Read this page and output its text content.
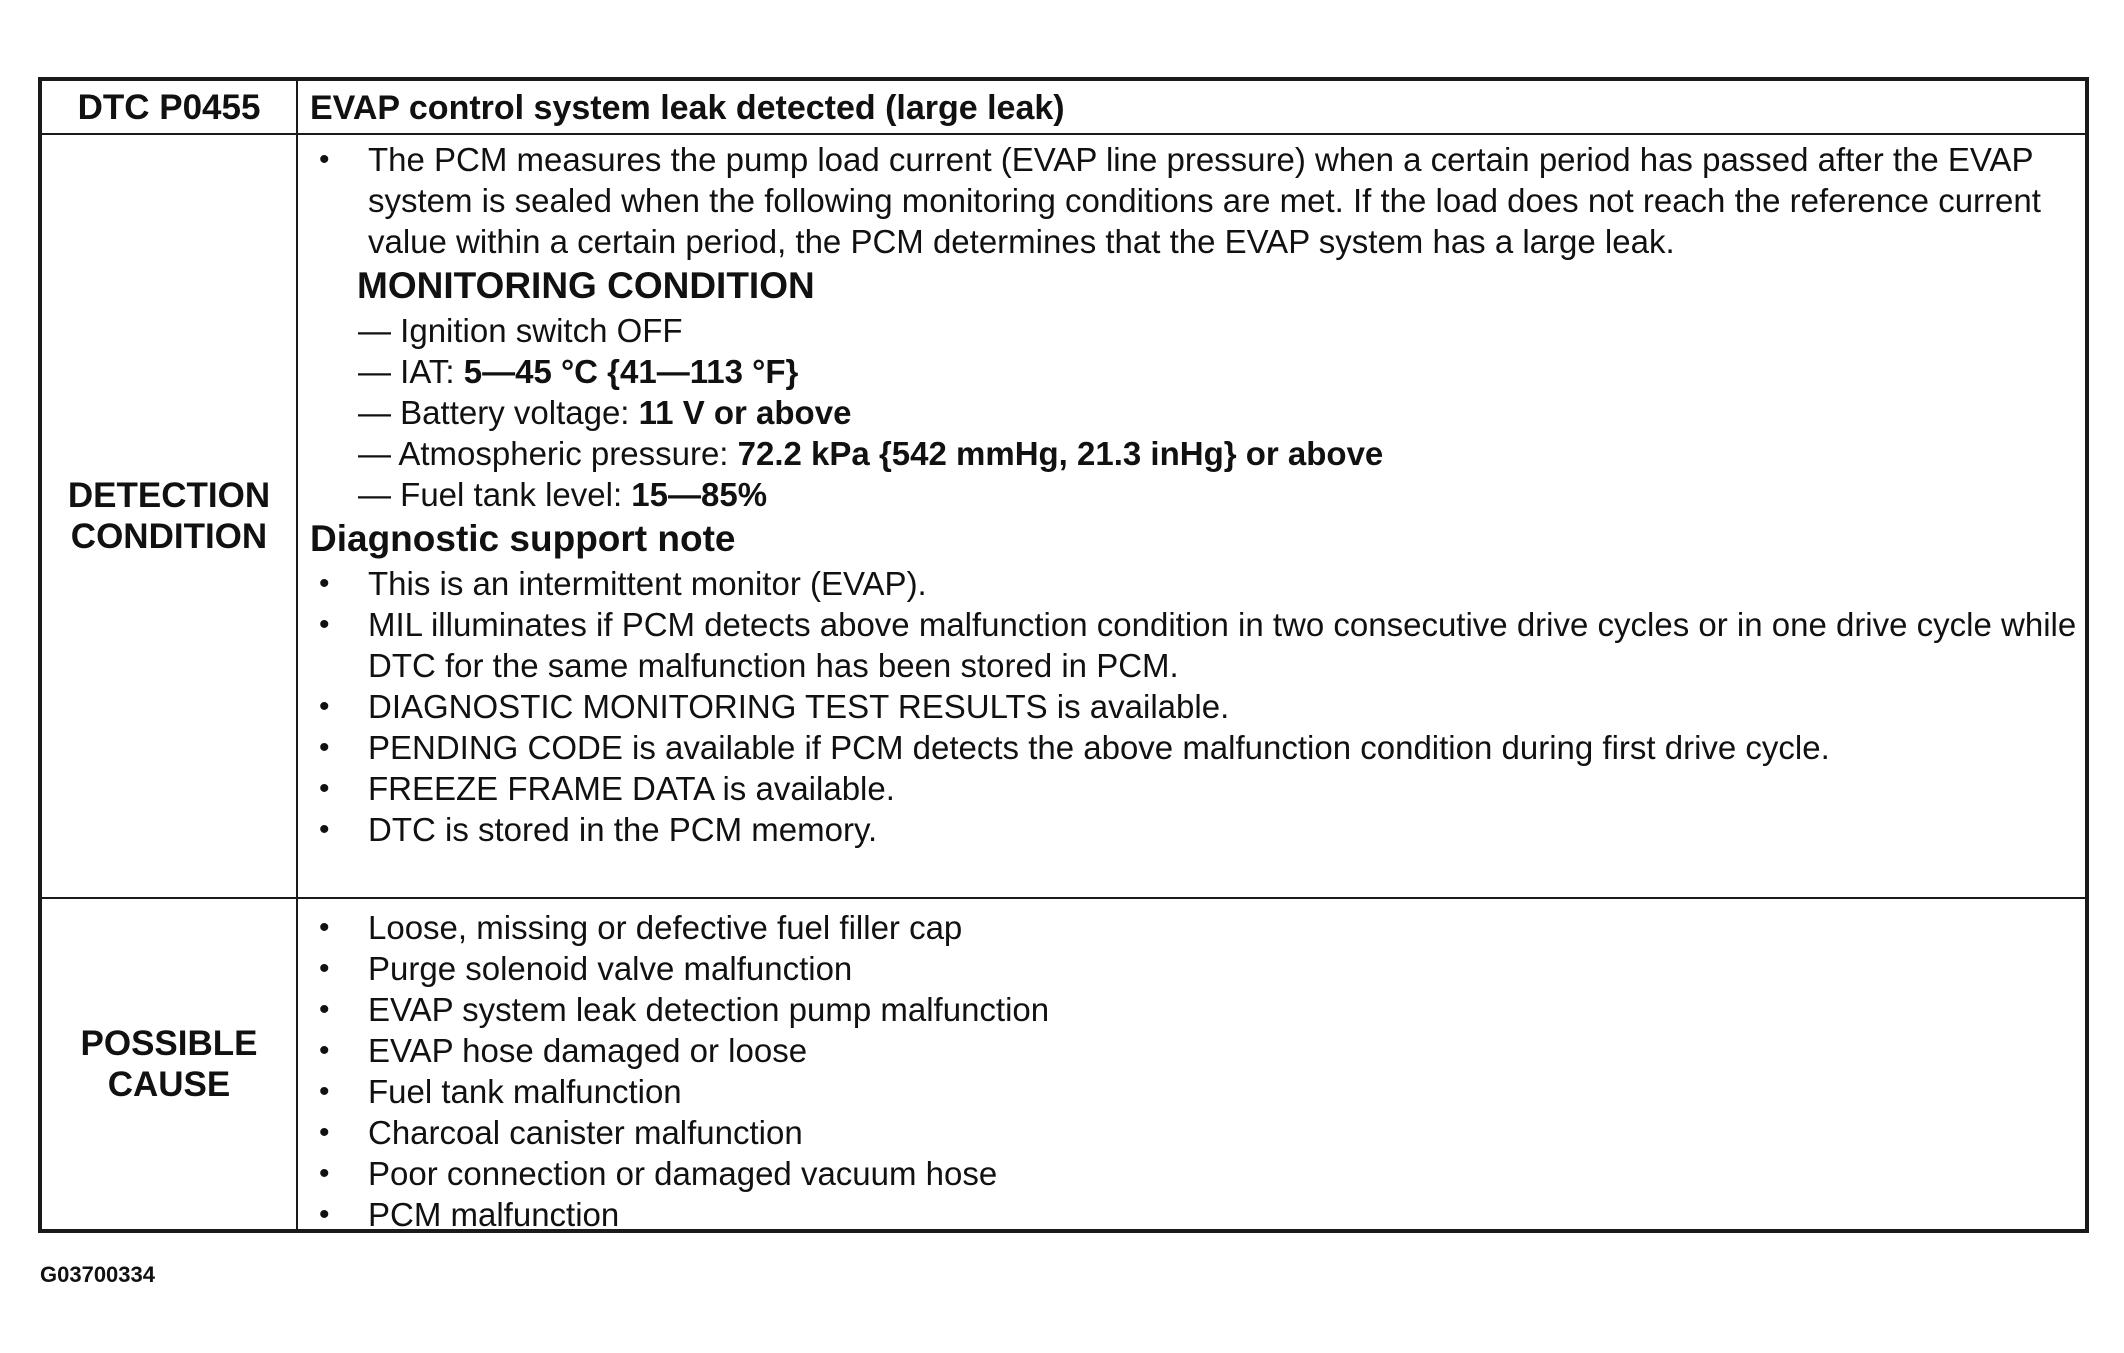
DTC P0455	EVAP control system leak detected (large leak)
DETECTION
CONDITION
• The PCM measures the pump load current (EVAP line pressure) when a certain period has passed after the EVAP system is sealed when the following monitoring conditions are met. If the load does not reach the reference current value within a certain period, the PCM determines that the EVAP system has a large leak.
MONITORING CONDITION
— Ignition switch OFF
— IAT: 5—45 °C {41—113 °F}
— Battery voltage: 11 V or above
— Atmospheric pressure: 72.2 kPa {542 mmHg, 21.3 inHg} or above
— Fuel tank level: 15—85%
Diagnostic support note
• This is an intermittent monitor (EVAP).
• MIL illuminates if PCM detects above malfunction condition in two consecutive drive cycles or in one drive cycle while DTC for the same malfunction has been stored in PCM.
• DIAGNOSTIC MONITORING TEST RESULTS is available.
• PENDING CODE is available if PCM detects the above malfunction condition during first drive cycle.
• FREEZE FRAME DATA is available.
• DTC is stored in the PCM memory.
POSSIBLE
CAUSE
• Loose, missing or defective fuel filler cap
• Purge solenoid valve malfunction
• EVAP system leak detection pump malfunction
• EVAP hose damaged or loose
• Fuel tank malfunction
• Charcoal canister malfunction
• Poor connection or damaged vacuum hose
• PCM malfunction
G03700334
